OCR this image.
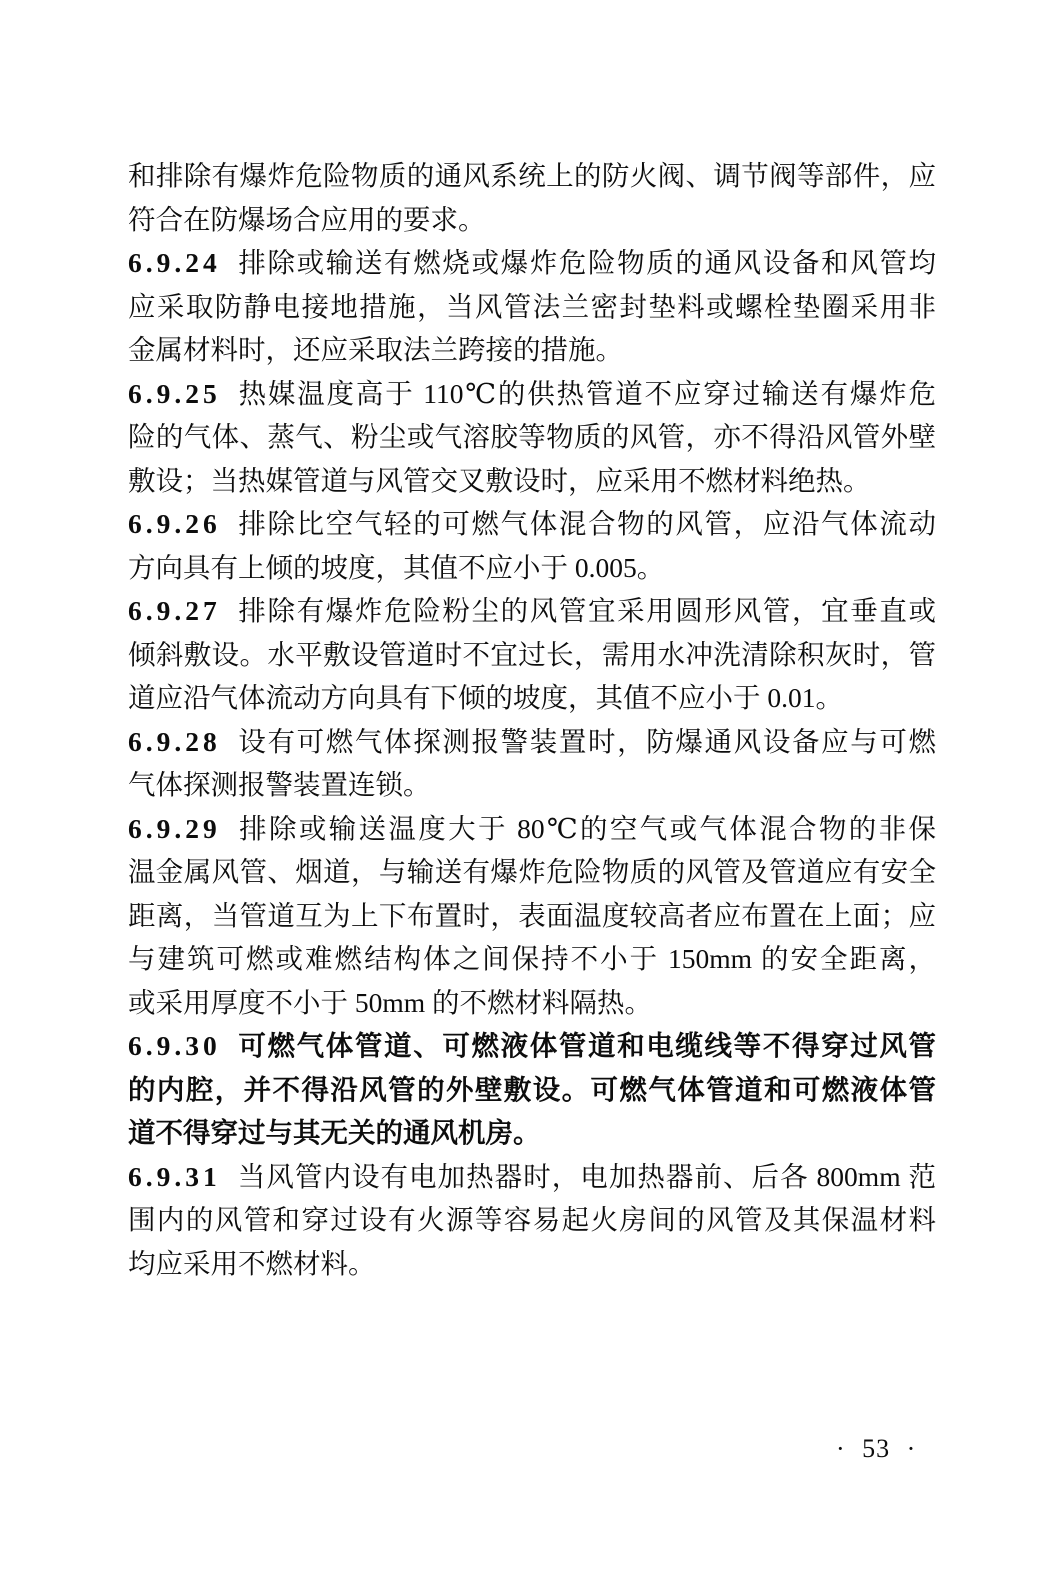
和排除有爆炸危险物质的通风系统上的防火阀、调节阀等部件，应
符合在防爆场合应用的要求。
6.9.24 排除或输送有燃烧或爆炸危险物质的通风设备和风管均
应采取防静电接地措施，当风管法兰密封垫料或螺栓垫圈采用非
金属材料时，还应采取法兰跨接的措施。
6.9.25 热媒温度高于 110℃的供热管道不应穿过输送有爆炸危
险的气体、蒸气、粉尘或气溶胶等物质的风管，亦不得沿风管外壁
敷设；当热媒管道与风管交叉敷设时，应采用不燃材料绝热。
6.9.26 排除比空气轻的可燃气体混合物的风管，应沿气体流动
方向具有上倾的坡度，其值不应小于 0.005。
6.9.27 排除有爆炸危险粉尘的风管宜采用圆形风管，宜垂直或
倾斜敷设。水平敷设管道时不宜过长，需用水冲洗清除积灰时，管
道应沿气体流动方向具有下倾的坡度，其值不应小于 0.01。
6.9.28 设有可燃气体探测报警装置时，防爆通风设备应与可燃
气体探测报警装置连锁。
6.9.29 排除或输送温度大于 80℃的空气或气体混合物的非保
温金属风管、烟道，与输送有爆炸危险物质的风管及管道应有安全
距离，当管道互为上下布置时，表面温度较高者应布置在上面；应
与建筑可燃或难燃结构体之间保持不小于 150mm 的安全距离，
或采用厚度不小于 50mm 的不燃材料隔热。
6.9.30 可燃气体管道、可燃液体管道和电缆线等不得穿过风管
的内腔，并不得沿风管的外壁敷设。可燃气体管道和可燃液体管
道不得穿过与其无关的通风机房。
6.9.31 当风管内设有电加热器时，电加热器前、后各 800mm 范
围内的风管和穿过设有火源等容易起火房间的风管及其保温材料
均应采用不燃材料。
· 53 ·
